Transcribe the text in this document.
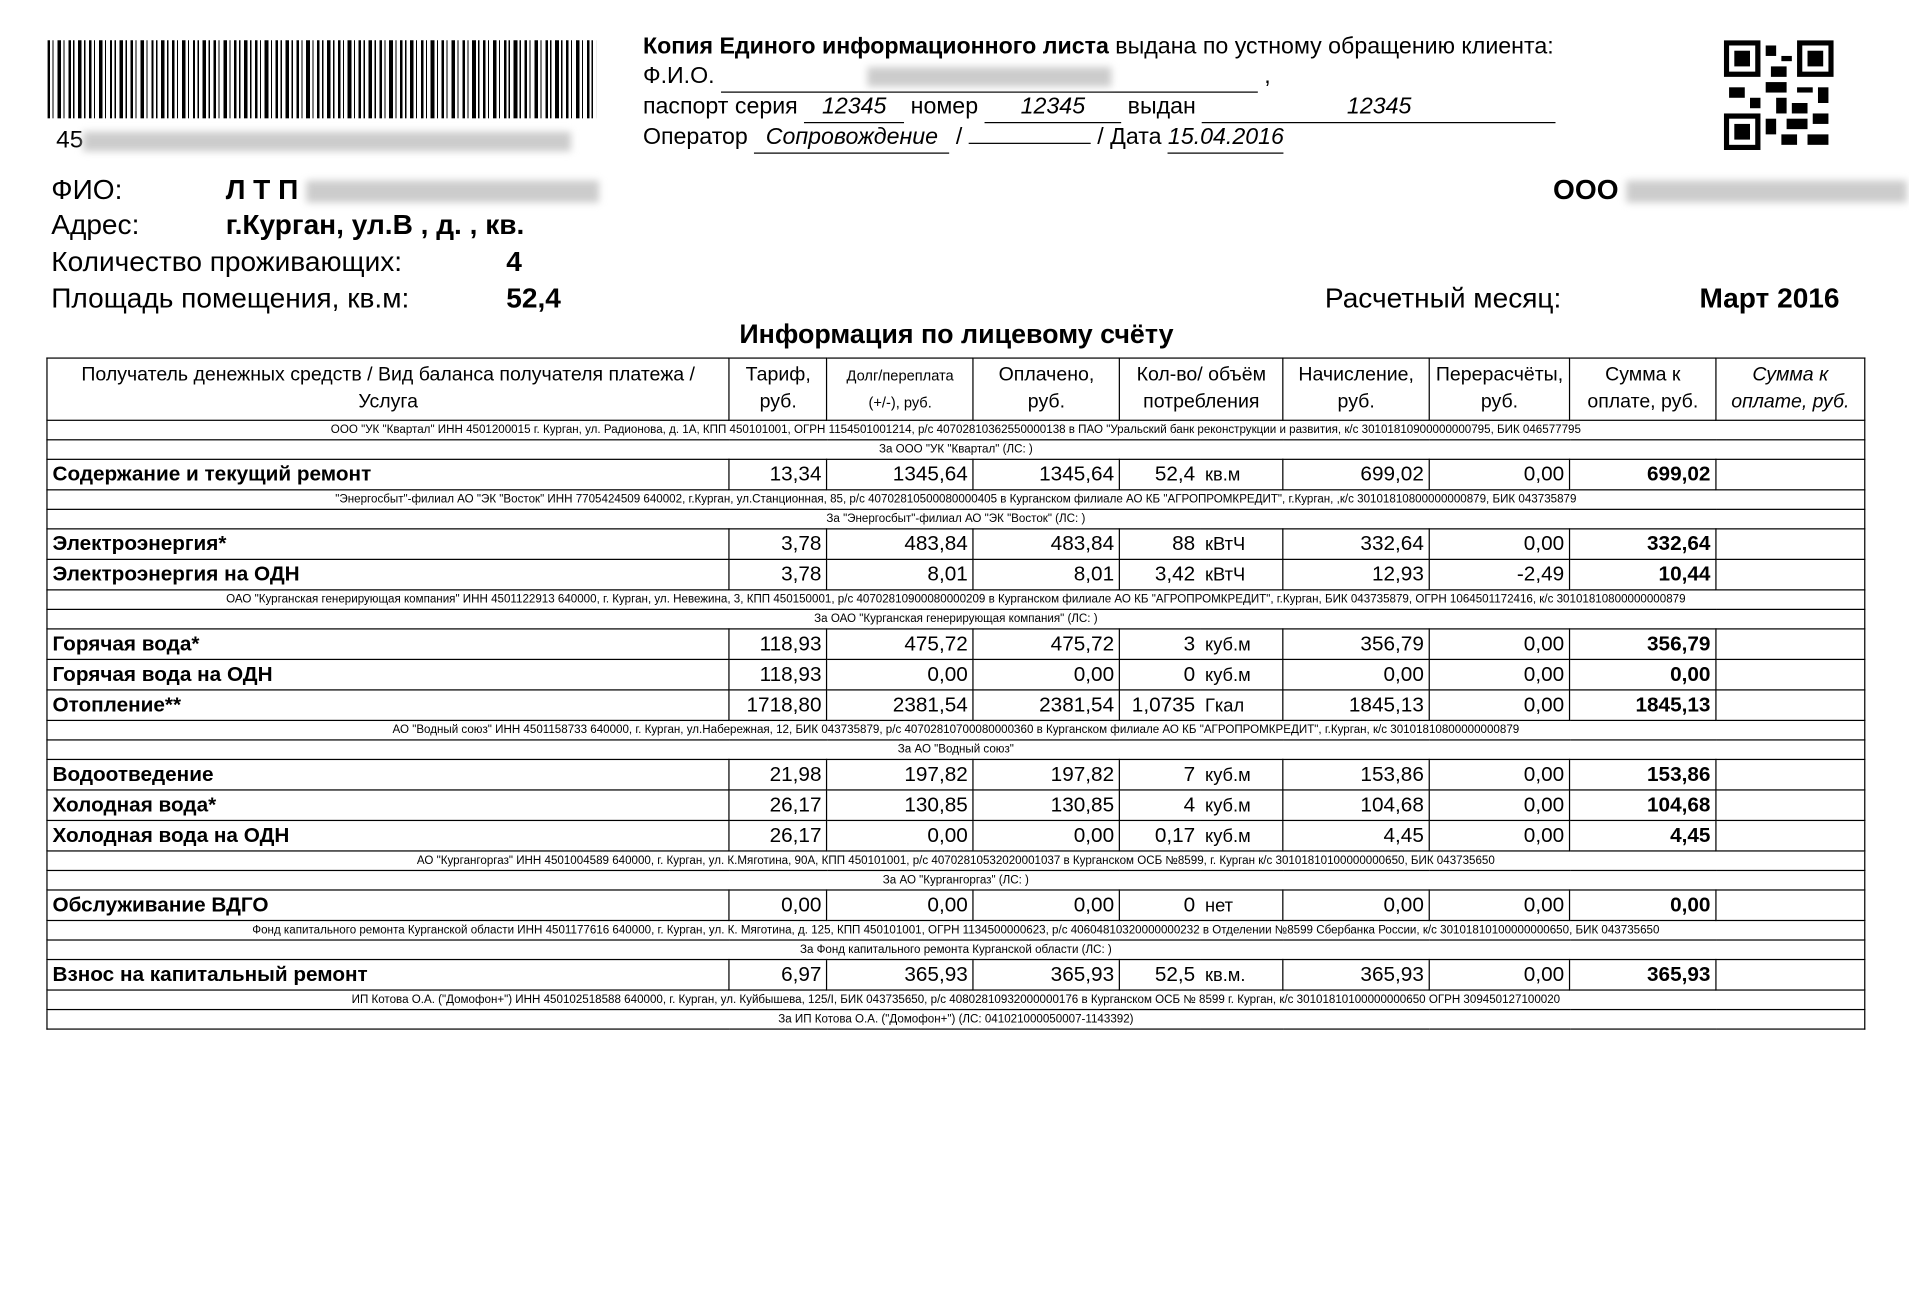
45
Копия Единого информационного листа выдана по устному обращению клиента:
Ф.И.О.	,
паспорт серия 12345 номер 12345 выдан	12345
Оператор Сопровождение /	/ Дата 15.04.2016
ФИО:	Л Т П
Адрес:	г.Курган, ул.В , д. , кв.
Количество проживающих:	4
Площадь помещения, кв.м:	52,4
ООО
Расчетный месяц:	Март 2016
Информация по лицевому счёту
Получатель денежных средств / Вид баланса получателя платежа / Услуга	Тариф, руб.	Долг/переплата (+/-), руб.	Оплачено, руб.	Кол-во/ объём потребления		Начисление, руб.	Перерасчёты, руб.	Сумма к оплате, руб.	Сумма к оплате, руб.
ООО "УК "Квартал" ИНН 4501200015 г. Курган, ул. Радионова, д. 1А, КПП 450101001, ОГРН 1154501001214, р/с 40702810362550000138 в ПАО "Уральский банк реконструкции и развития, к/с 30101810900000000795, БИК 046577795									
За ООО "УК "Квартал" (ЛС: )									
Содержание и текущий ремонт	13,34	1345,64	1345,64	52,4	кв.м	699,02	0,00	699,02	
"Энергосбыт"-филиал АО "ЭК "Восток" ИНН 7705424509 640002, г.Курган, ул.Станционная, 85, р/с 40702810500080000405 в Курганском филиале АО КБ "АГРОПРОМКРЕДИТ", г.Курган, ,к/с 30101810800000000879, БИК 043735879									
За "Энергосбыт"-филиал АО "ЭК "Восток" (ЛС: )									
Электроэнергия*	3,78	483,84	483,84	88	кВтЧ	332,64	0,00	332,64	
Электроэнергия на ОДН	3,78	8,01	8,01	3,42	кВтЧ	12,93	-2,49	10,44	
ОАО "Курганская генерирующая компания" ИНН 4501122913 640000, г. Курган, ул. Невежина, 3, КПП 450150001, р/с 40702810900080000209 в Курганском филиале АО КБ "АГРОПРОМКРЕДИТ", г.Курган, БИК 043735879, ОГРН 1064501172416, к/с 30101810800000000879									
За ОАО "Курганская генерирующая компания" (ЛС: )									
Горячая вода*	118,93	475,72	475,72	3	куб.м	356,79	0,00	356,79	
Горячая вода на ОДН	118,93	0,00	0,00	0	куб.м	0,00	0,00	0,00	
Отопление**	1718,80	2381,54	2381,54	1,0735	Гкал	1845,13	0,00	1845,13	
АО "Водный союз" ИНН 4501158733 640000, г. Курган, ул.Набережная, 12, БИК 043735879, р/с 40702810700080000360 в Курганском филиале АО КБ "АГРОПРОМКРЕДИТ", г.Курган, к/с 30101810800000000879									
За АО "Водный союз"									
Водоотведение	21,98	197,82	197,82	7	куб.м	153,86	0,00	153,86	
Холодная вода*	26,17	130,85	130,85	4	куб.м	104,68	0,00	104,68	
Холодная вода на ОДН	26,17	0,00	0,00	0,17	куб.м	4,45	0,00	4,45	
АО "Кургангоргаз" ИНН 4501004589 640000, г. Курган, ул. К.Мяготина, 90А, КПП 450101001, р/с 40702810532020001037 в Курганском ОСБ №8599, г. Курган к/с 30101810100000000650, БИК 043735650									
За АО "Кургангоргаз" (ЛС: )									
Обслуживание ВДГО	0,00	0,00	0,00	0	нет	0,00	0,00	0,00	
Фонд капитального ремонта Курганской области ИНН 4501177616 640000, г. Курган, ул. К. Мяготина, д. 125, КПП 450101001, ОГРН 1134500000623, р/с 40604810320000000232 в Отделении №8599 Сбербанка России, к/с 30101810100000000650, БИК 043735650									
За Фонд капитального ремонта Курганской области (ЛС: )									
Взнос на капитальный ремонт	6,97	365,93	365,93	52,5	кв.м.	365,93	0,00	365,93	
ИП Котова О.А. ("Домофон+") ИНН 450102518588 640000, г. Курган, ул. Куйбышева, 125/I, БИК 043735650, р/с 40802810932000000176 в Курганском ОСБ № 8599 г. Курган, к/с 30101810100000000650 ОГРН 309450127100020									
За ИП Котова О.А. ("Домофон+") (ЛС: 041021000050007-1143392)									
